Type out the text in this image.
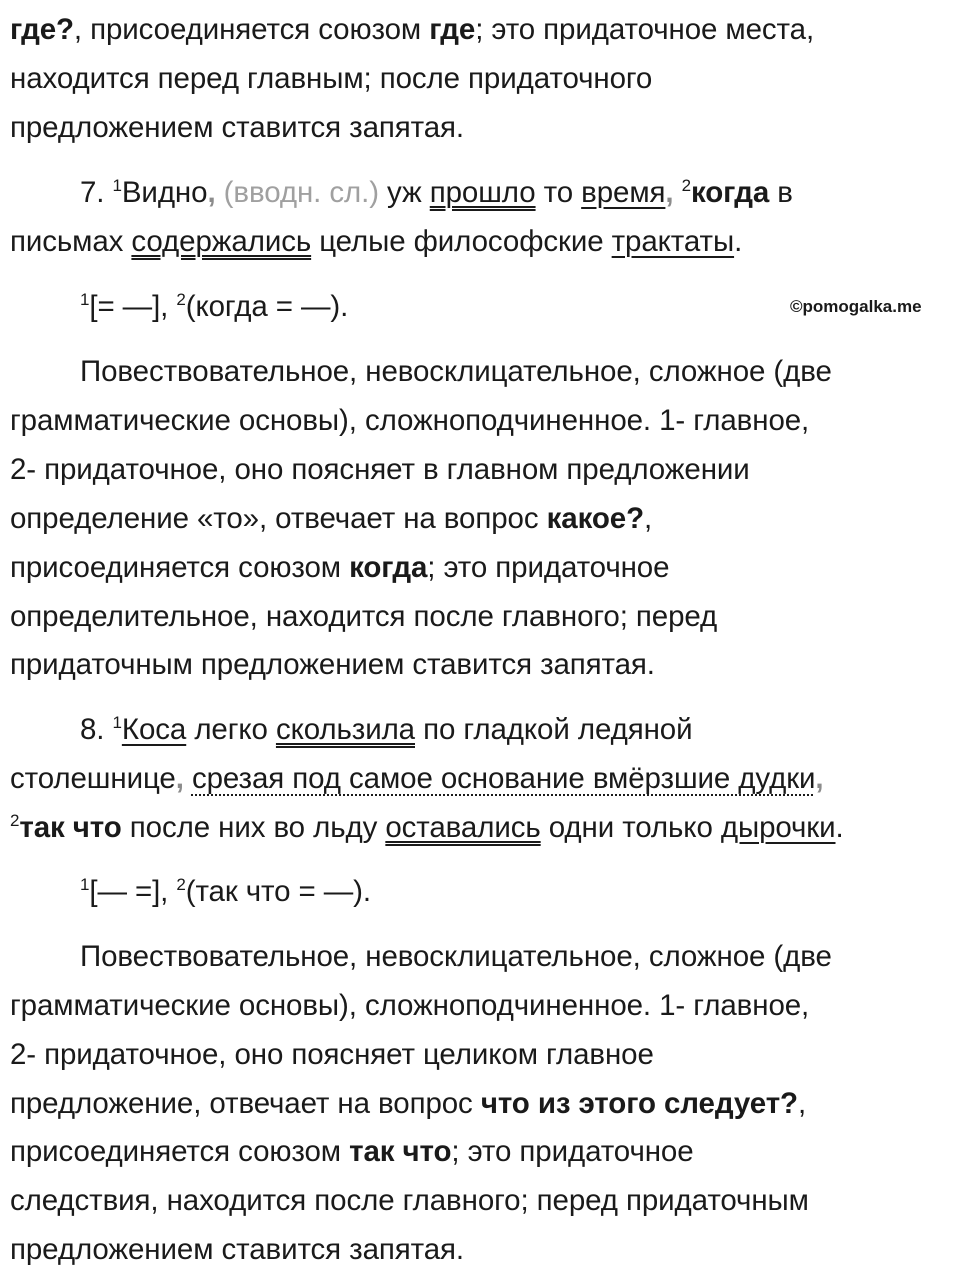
©pomogalka.me
где?, присоединяется союзом где; это придаточное места,
находится перед главным; после придаточного
предложением ставится запятая.
7. $^1$Видно, (вводн. сл.) уж прошло то время, $^2$когда в
письмах содержались целые философские трактаты.
$^1$[= —], $^2$(когда = —).
Повествовательное, невосклицательное, сложное (две
грамматические основы), сложноподчиненное. 1- главное,
2- придаточное, оно поясняет в главном предложении
определение «то», отвечает на вопрос какое?,
присоединяется союзом когда; это придаточное
определительное, находится после главного; перед
придаточным предложением ставится запятая.
8. $^1$Коса легко скользила по гладкой ледяной
столешнице, срезая под самое основание вмёрзшие дудки,
$^2$так что после них во льду оставались одни только дырочки.
$^1$[— =], $^2$(так что = —).
Повествовательное, невосклицательное, сложное (две
грамматические основы), сложноподчиненное. 1- главное,
2- придаточное, оно поясняет целиком главное
предложение, отвечает на вопрос что из этого следует?,
присоединяется союзом так что; это придаточное
следствия, находится после главного; перед придаточным
предложением ставится запятая.
